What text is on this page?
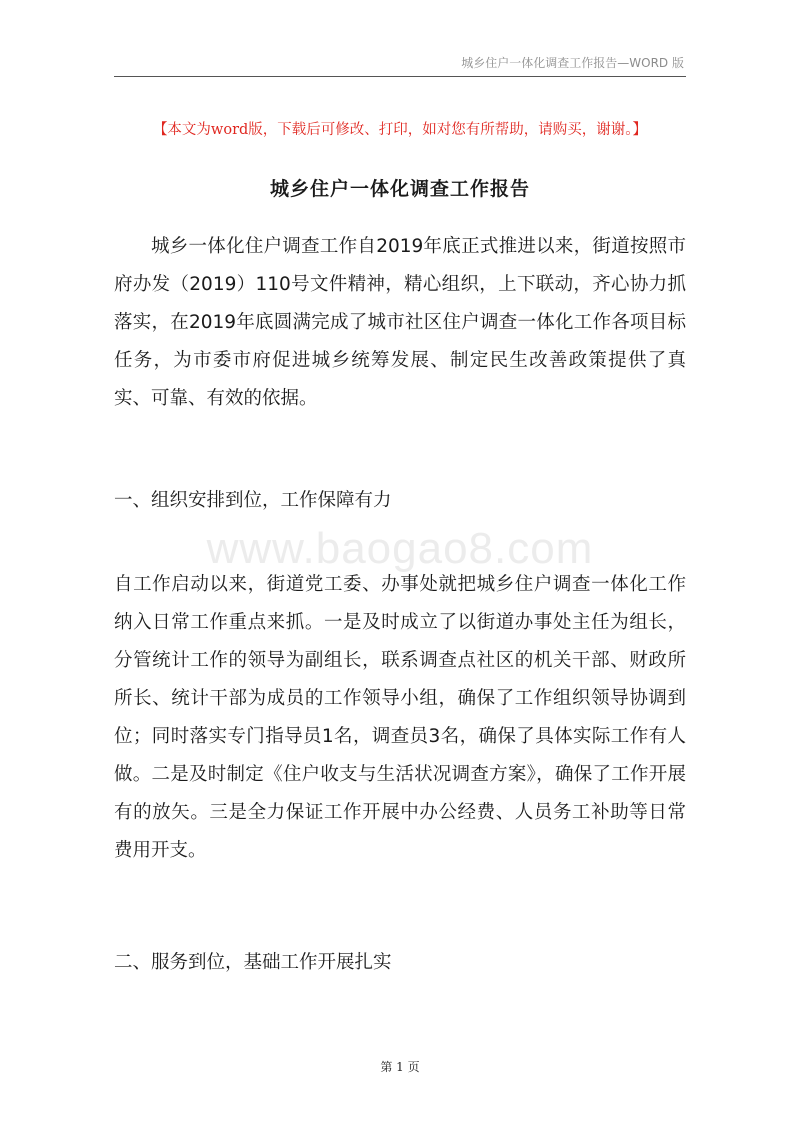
城乡住户一体化调查工作报告—WORD 版
【本文为word版，下载后可修改、打印，如对您有所帮助，请购买，谢谢。】
城乡住户一体化调查工作报告

城乡一体化住户调查工作自2019年底正式推进以来，街道按照市府办发（2019）110号文件精神，精心组织，上下联动，齐心协力抓落实，在2019年底圆满完成了城市社区住户调查一体化工作各项目标任务，为市委市府促进城乡统筹发展、制定民生改善政策提供了真实、可靠、有效的依据。

一、组织安排到位，工作保障有力

www.baogao8.com

自工作启动以来，街道党工委、办事处就把城乡住户调查一体化工作纳入日常工作重点来抓。一是及时成立了以街道办事处主任为组长，分管统计工作的领导为副组长，联系调查点社区的机关干部、财政所所长、统计干部为成员的工作领导小组，确保了工作组织领导协调到位；同时落实专门指导员1名，调查员3名，确保了具体实际工作有人做。二是及时制定《住户收支与生活状况调查方案》，确保了工作开展有的放矢。三是全力保证工作开展中办公经费、人员务工补助等日常费用开支。

二、服务到位，基础工作开展扎实

第 1 页
